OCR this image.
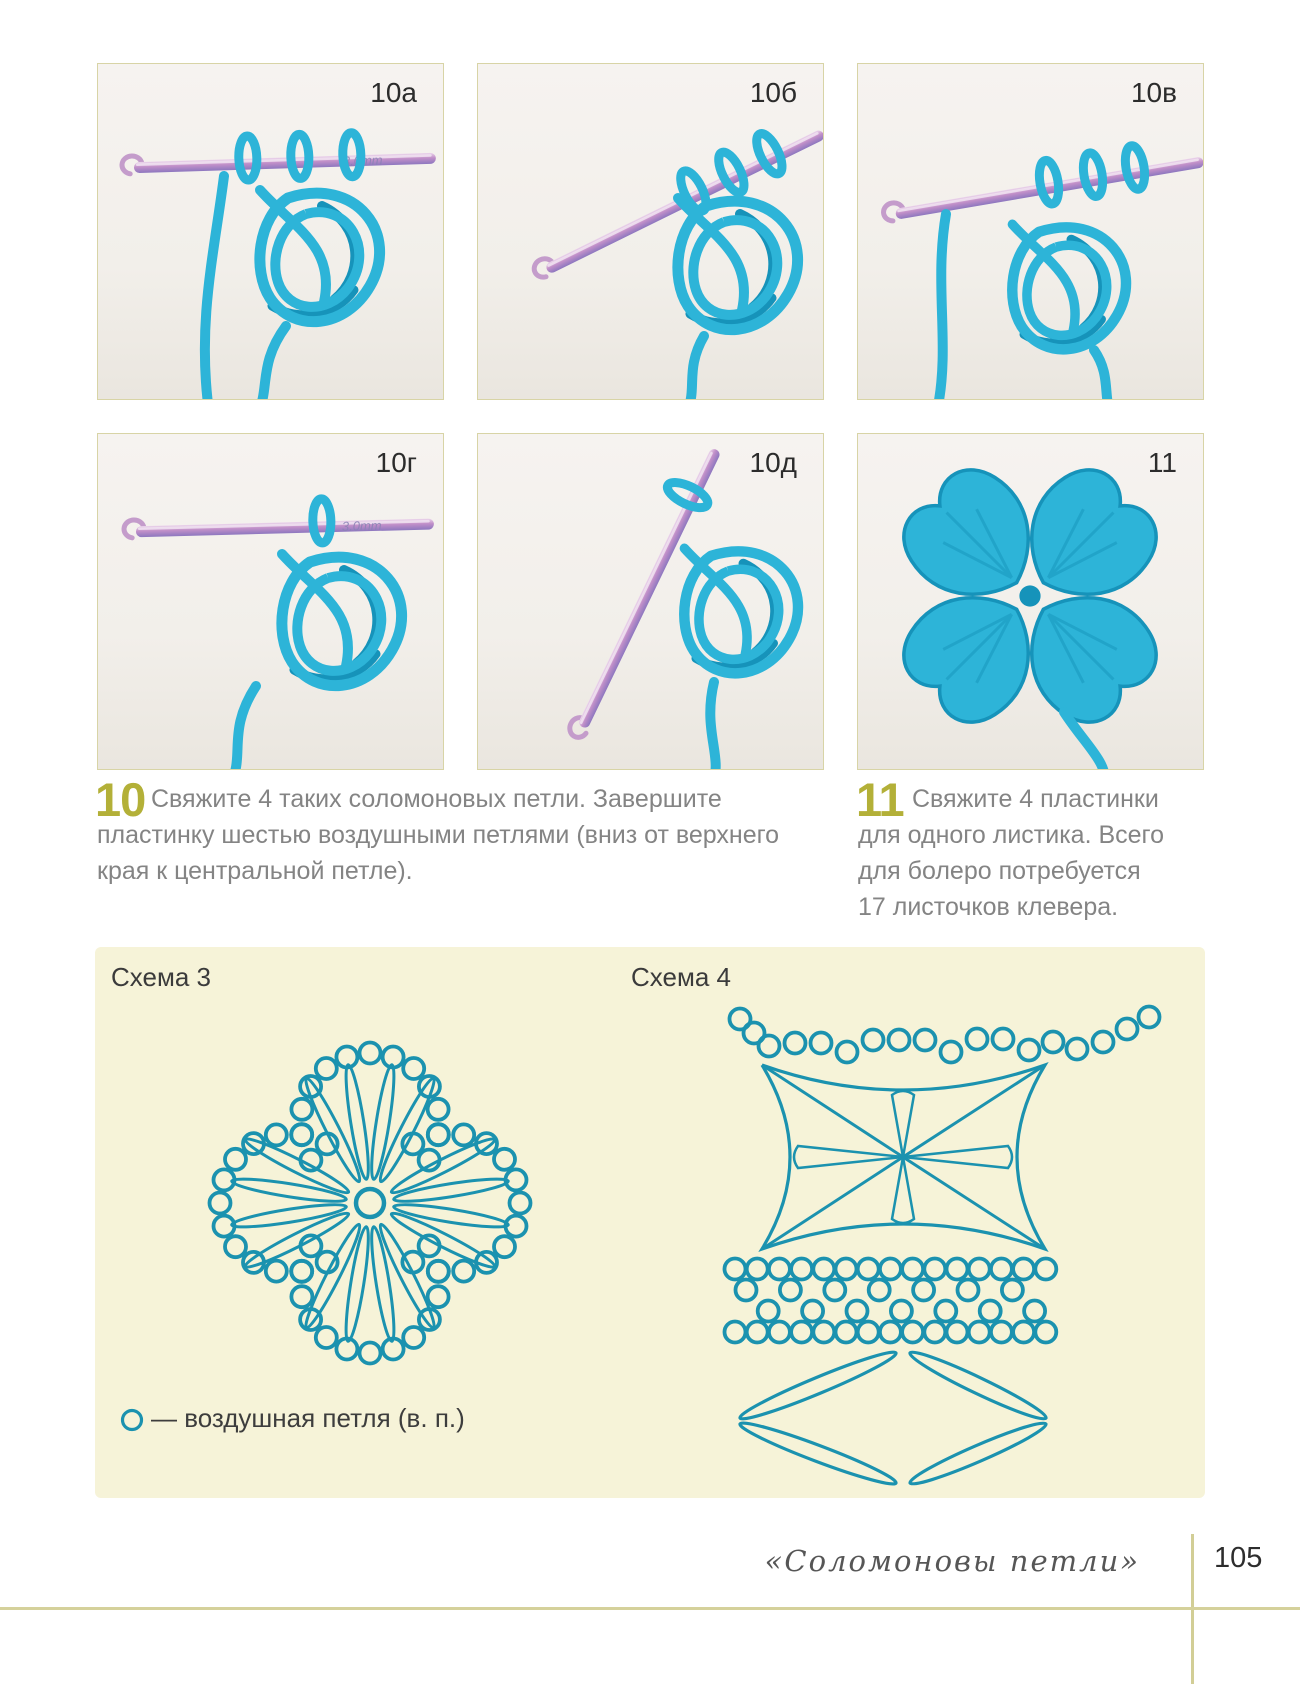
3.0mm
10а	10б	10в
3.0mm
10г	10д	11
10 Свяжите 4 таких соломоновых петли. Завершите
пластинку шестью воздушными петлями (вниз от верхнего
края к центральной петле).

11 Свяжите 4 пластинки
для одного листика. Всего
для болеро потребуется
17 листочков клевера.

Схема 3	Схема 4
— воздушная петля (в. п.)
«Соломоновы петли»	105
